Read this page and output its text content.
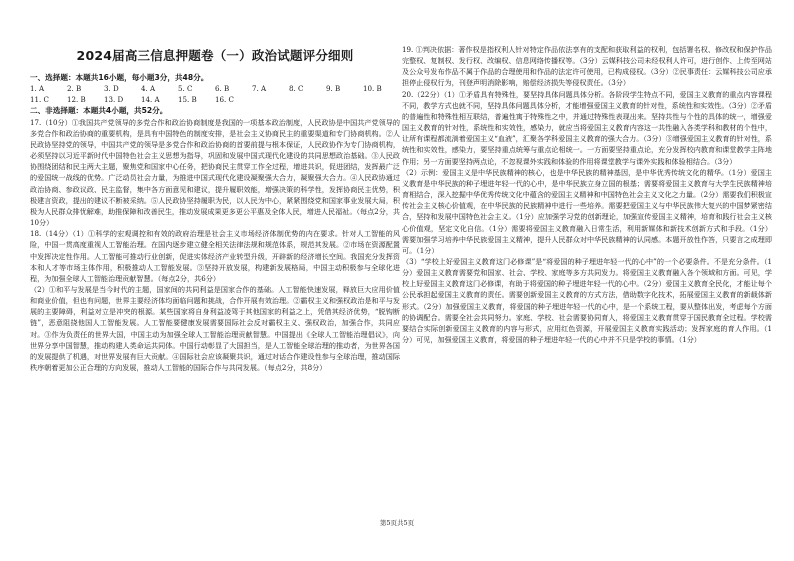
2024届高三信息押题卷（一）政治试题评分细则
一、选择题：本题共16小题，每小题3分，共48分。
1. A	2. B	3. D	4. A	5. C	6. B	7. A	8. C	9. B	10. B
11. C	12. B	13. D	14. A	15. B	16. C
二、非选择题：本题共4小题，共52分。

17.（10分）①我国共产党领导的多党合作和政治协商制度是我国的一项基本政治制度，人民政协是中国共产党领导的多党合作和政治协商的重要机构，是具有中国特色的制度安排，是社会主义协商民主的重要渠道和专门协商机构。②人民政协坚持党的领导，中国共产党的领导是多党合作和政治协商的首要前提与根本保证，人民政协作为专门协商机构，必须坚持以习近平新时代中国特色社会主义思想为指导，巩固和发展中国式现代化建设的共同思想政治基础。③人民政协围绕团结和民主两大主题，聚焦党和国家中心任务，把协商民主贯穿工作全过程，增进共识，促进团结，发挥最广泛的爱国统一战线的优势。广泛动员社会力量，为推进中国式现代化建设凝聚强大合力，凝聚强大合力。④人民政协通过政治协商、参政议政、民主监督，集中各方面意见和建议，提升履职效能，增强决策的科学性，发挥协商民主优势，积极建言资政，提出的建议不断被采纳。⑤人民政协坚持履职为民，以人民为中心，紧紧围绕党和国家事业发展大局，积极为人民群众排忧解难，助推保障和改善民生，推动发展成果更多更公平惠及全体人民，增进人民福祉。（每点2分，共10分）

18.（14分）（1）①科学的宏观调控和有效的政府治理是社会主义市场经济体制优势的内在要求。针对人工智能的风险，中国一贯高度重视人工智能治理。在国内逐步建立健全相关法律法规和规范体系，规范其发展。②市场在资源配置中发挥决定性作用。人工智能可推动行业创新，促进实体经济产业转型升级，开辟新的经济增长空间。我国充分发挥资本和人才等市场主体作用，积极推动人工智能发展。③坚持开放发展，构建新发展格局，中国主动积极参与全球化进程，为加强全球人工智能治理贡献智慧。（每点2分，共6分）

（2）①和平与发展是当今时代的主题，国家间的共同利益是国家合作的基础。人工智能快速发展，释放巨大应用价值和商业价值，但也有问题，世界主要经济体均面临问题和挑战，合作开展有效治理。②霸权主义和强权政治是和平与发展的主要障碍，利益对立是冲突的根源。某些国家将自身利益凌驾于其他国家的利益之上，凭借其经济优势，“脱钩断链”，恶意阻挠他国人工智能发展。人工智能要健康发展需要国际社会反对霸权主义、强权政治，加强合作，共同应对。③作为负责任的世界大国，中国主动为加强全球人工智能治理贡献智慧。中国提出《全球人工智能治理倡议》，向世界分享中国智慧，推动构建人类命运共同体。中国行动彰显了大国担当，是人工智能全球治理的推动者，为世界各国的发展提供了机遇，对世界发展有巨大贡献。④国际社会应该凝聚共识，通过对话合作建设性参与全球治理，推动国际秩序朝着更加公正合理的方向发展，推动人工智能的国际合作与共同发展。（每点2分，共8分）

19. ①判决依据：著作权是指权利人针对特定作品依法享有的支配和获取利益的权利，包括署名权、修改权和保护作品完整权、复制权、发行权、改编权、信息网络传播权等。（3分）云媒科技公司未经权利人许可，进行创作、上传至网站及公众号发布作品不属于作品的合理使用和作品的法定许可使用，已构成侵权。（3分）②民事责任：云媒科技公司应承担停止侵权行为，刊登声明消除影响，赔偿经济损失等侵权责任。（3分）

20.（22分）（1）①矛盾具有特殊性，要坚持具体问题具体分析。各阶段学生特点不同，爱国主义教育的重点内容课程不同，教学方式也就不同，坚持具体问题具体分析，才能增强爱国主义教育的针对性，系统性和实效性。（3分）②矛盾的普遍性和特殊性相互联结，普遍性寓于特殊性之中，并通过特殊性表现出来。坚持共性与个性的具体的统一，增强爱国主义教育的针对性，系统性和实效性，感染力，就应当将爱国主义教育内容这一共性融入各类学科和教材的个性中，让所有课程都流淌着爱国主义“血液”，汇聚各学科爱国主义教育的强大合力。（3分）③增强爱国主义教育的针对性，系统性和实效性，感染力，要坚持重点统筹与重点论相统一。一方面要坚持重点论，充分发挥校内教育和课堂教学主阵地作用；另一方面要坚持两点论，不忽视课外实践和体验的作用将课堂教学与课外实践和体验相结合。（3分）

（2）示例：爱国主义是中华民族精神的核心，也是中华民族的精神基因，是中华优秀传统文化的精华。（1分）爱国主义教育是中华民族的种子埋进年轻一代的心中，是中华民族立身立国的根基；需要将爱国主义教育与大学生民族精神培育相结合，深入挖掘中华优秀传统文化中蕴含的爱国主义精神和中国特色社会主义文化之力量。（2分）需要我们积极宣传社会主义核心价值观，在中华民族的民族精神中进行一些培养。需要把爱国主义与中华民族伟大复兴的中国梦紧密结合，坚持和发展中国特色社会主义。（1分）应加强学习党的创新理论，加强宣传爱国主义精神，培育和践行社会主义核心价值观，坚定文化自信。（1分）需要将爱国主义教育融入日常生活，利用新媒体和新技术创新方式和手段。（1分）需要加强学习培养中华民族爱国主义精神，提升人民群众对中华民族精神的认同感。本题开放性作答，只要言之成理即可。（1分）

（3）“学校上好爱国主义教育这门必修课”是“将爱国的种子埋进年轻一代的心中”的一个必要条件。不是充分条件。（1分）爱国主义教育需要党和国家、社会、学校、家庭等多方共同发力。将爱国主义教育融入各个领域和方面。可见，学校上好爱国主义教育这门必修课，有助于将爱国的种子埋进年轻一代的心中。（2分）爱国主义教育全民化，才能让每个公民承担起爱国主义教育的责任。需要创新爱国主义教育的方式方法，借助数字化技术，拓展爱国主义教育的新载体新形式。（2分）加强爱国主义教育，将爱国的种子埋进年轻一代的心中，是一个系统工程，要从整体出发，考虑每个方面的协调配合。需要全社会共同努力。家庭、学校、社会需要协同育人，将爱国主义教育贯穿于国民教育全过程。学校需要结合实际创新爱国主义教育的内容与形式，应用红色资源，开展爱国主义教育实践活动；发挥家庭的育人作用。（1分）可见，加强爱国主义教育，将爱国的种子埋进年轻一代的心中并不只是学校的事情。（1分）

第5页共5页
